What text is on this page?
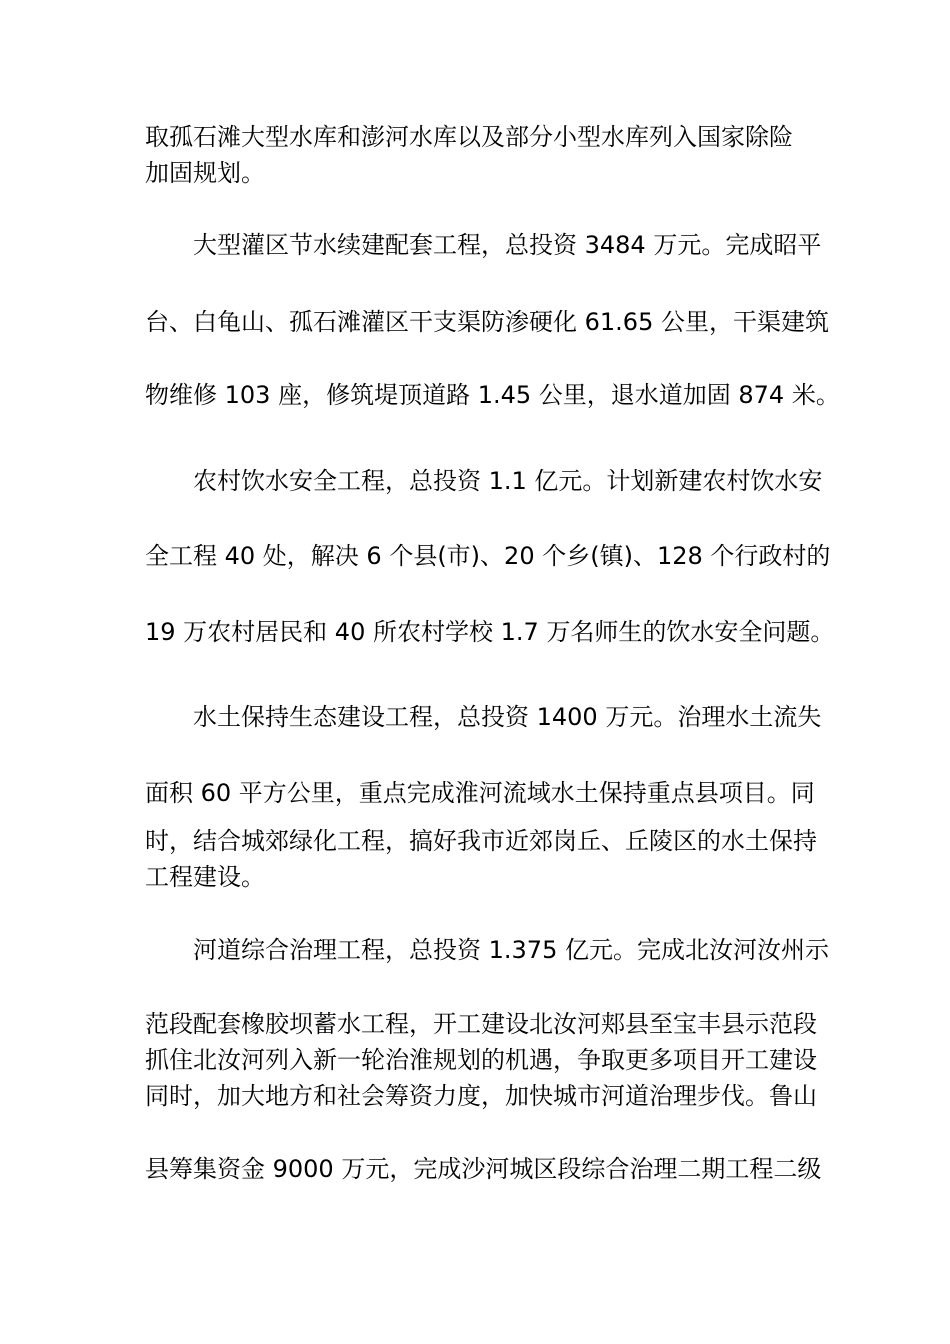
取孤石滩大型水库和澎河水库以及部分小型水库列入国家除险

加固规划。

大型灌区节水续建配套工程，总投资 3484 万元。完成昭平

台、白龟山、孤石滩灌区干支渠防渗硬化 61.65 公里，干渠建筑

物维修 103 座，修筑堤顶道路 1.45 公里，退水道加固 874 米。

农村饮水安全工程，总投资 1.1 亿元。计划新建农村饮水安

全工程 40 处，解决 6 个县(市)、20 个乡(镇)、128 个行政村的

19 万农村居民和 40 所农村学校 1.7 万名师生的饮水安全问题。

水土保持生态建设工程，总投资 1400 万元。治理水土流失

面积 60 平方公里，重点完成淮河流域水土保持重点县项目。同

时，结合城郊绿化工程，搞好我市近郊岗丘、丘陵区的水土保持

工程建设。

河道综合治理工程，总投资 1.375 亿元。完成北汝河汝州示

范段配套橡胶坝蓄水工程，开工建设北汝河郏县至宝丰县示范段

抓住北汝河列入新一轮治淮规划的机遇，争取更多项目开工建设

同时，加大地方和社会筹资力度，加快城市河道治理步伐。鲁山

县筹集资金 9000 万元，完成沙河城区段综合治理二期工程二级
